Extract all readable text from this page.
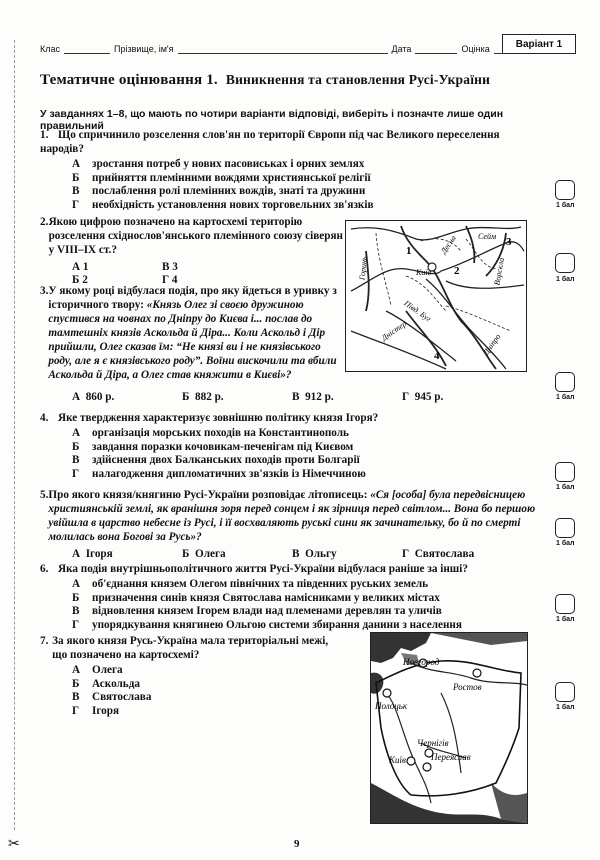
✂
Клас	Прізвище, ім'я	Дата	Оцінка	Варіант 1
Тематичне оцінювання 1. Виникнення та становлення Русі-України
У завданнях 1–8, що мають по чотири варіанти відповіді, виберіть і позначте лише один правильний
1. Що спричинило розселення слов'ян по території Європи під час Великого переселення народів?
А зростання потреб у нових пасовиськах і орних землях
Б прийняття племінними вождями християнської релігії
В послаблення ролі племінних вождів, знаті та дружини
Г необхідність установлення нових торговельних зв'язків	1 бал
2. Якою цифрою позначено на картосхемі територію розселення східнослов'янського племінного союзу сіверян у VIII–IX ст.?
А 1	В 3
Б 2	Г 4
1
2
3
4
Київ
Десна	Сейм
Горинь	Ворскла
Півд. Буг
Дністер
Дніпро
1 бал
3. У якому році відбулася подія, про яку йдеться в уривку з історичного твору: «Князь Олег зі своєю дружиною спустився на човнах по Дніпру до Києва і... послав до тамтешніх князів Аскольда й Діра... Коли Аскольд і Дір прийшли, Олег сказав їм: “Не князі ви і не князівського роду, але я є князівського роду”. Воїни вискочили та вбили Аскольда й Діра, а Олег став княжити в Києві»?
А 860 р.	Б 882 р.	В 912 р.	Г 945 р.	1 бал
4. Яке твердження характеризує зовнішню політику князя Ігоря?
А організація морських походів на Константинополь
Б завдання поразки кочовикам-печенігам під Києвом
В здійснення двох Балканських походів проти Болгарії
Г налагодження дипломатичних зв'язків із Німеччиною
1 бал
5. Про якого князя/княгиню Русі-України розповідає літописець: «Ся [особа] була передвісницею християнській землі, як вранішня зоря перед сонцем і як зірниця перед світлом... Вона бо першою увійшла в царство небесне із Русі, і її восхваляють руські сини як зачинательку, бо й по смерті молилась вона Богові за Русь»?
А Ігоря	Б Олега	В Ольгу	Г Святослава
1 бал
6. Яка подія внутрішньополітичного життя Русі-України відбулася раніше за інші?
А об'єднання князем Олегом північних та південних руських земель
Б призначення синів князя Святослава намісниками у великих містах
В відновлення князем Ігорем влади над племенами деревлян та уличів
Г упорядкування княгинею Ольгою системи збирання данини з населення	1 бал
7. За якого князя Русь-Україна мала територіальні межі, що позначено на картосхемі?
А Олега
Б Аскольда
В Святослава
Г Ігоря
Новгород
Ростов
Полоцьк
Чернігів
Київ	Переяслав
1 бал
9
